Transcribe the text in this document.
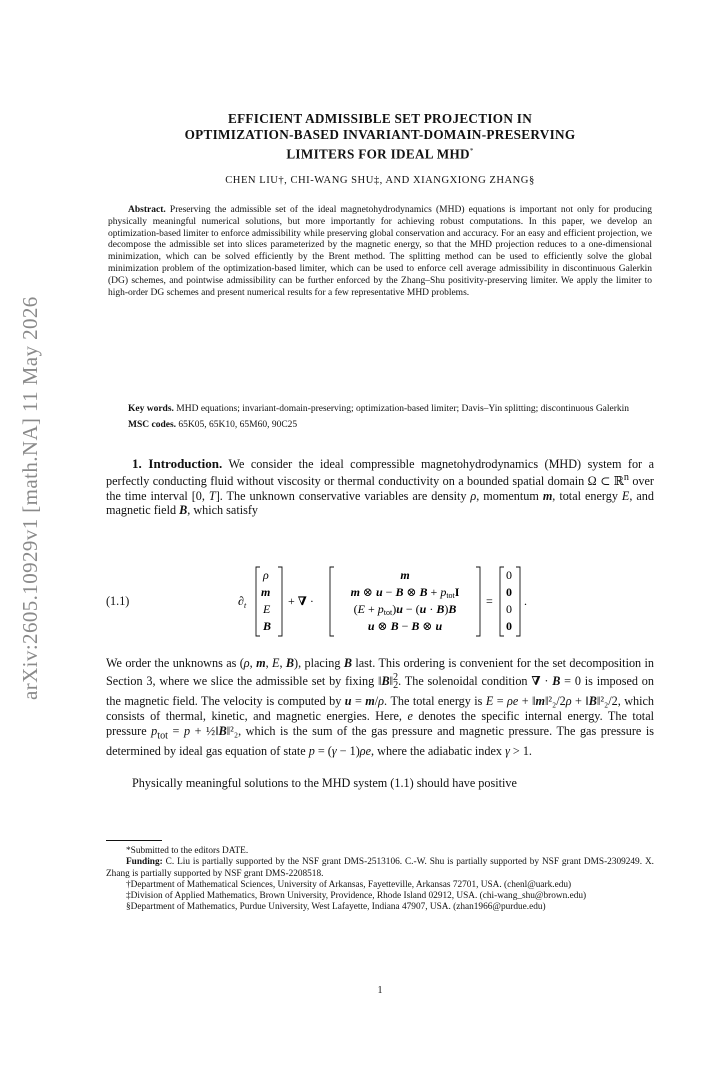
arXiv:2605.10929v1 [math.NA] 11 May 2026
EFFICIENT ADMISSIBLE SET PROJECTION IN
OPTIMIZATION-BASED INVARIANT-DOMAIN-PRESERVING
LIMITERS FOR IDEAL MHD*
CHEN LIU†, CHI-WANG SHU‡, AND XIANGXIONG ZHANG§

Abstract. Preserving the admissible set of the ideal magnetohydrodynamics (MHD) equations is important not only for producing physically meaningful numerical solutions, but more importantly for achieving robust computations. In this paper, we develop an optimization-based limiter to enforce admissibility while preserving global conservation and accuracy. For an easy and efficient projection, we decompose the admissible set into slices parameterized by the magnetic energy, so that the MHD projection reduces to a one-dimensional minimization, which can be solved efficiently by the Brent method. The splitting method can be used to efficiently solve the global minimization problem of the optimization-based limiter, which can be used to enforce cell average admissibility in discontinuous Galerkin (DG) schemes, and pointwise admissibility can be further enforced by the Zhang–Shu positivity-preserving limiter. We apply the limiter to high-order DG schemes and present numerical results for a few representative MHD problems.

Key words. MHD equations; invariant-domain-preserving; optimization-based limiter; Davis–Yin splitting; discontinuous Galerkin

MSC codes. 65K05, 65K10, 65M60, 90C25

1. Introduction. We consider the ideal compressible magnetohydrodynamics (MHD) system for a perfectly conducting fluid without viscosity or thermal conductivity on a bounded spatial domain Ω ⊂ ℝ$^n$ over the time interval [0, T]. The unknown conservative variables are density ρ, momentum m, total energy E, and magnetic field B, which satisfy

(1.1)	$\partial_t$
ρ
m
E
B
+ ∇ ·
m
m ⊗ u − B ⊗ B + ptotI
(E + ptot)u − (u · B)B
u ⊗ B − B ⊗ u
=
0
0
0
0
.

We order the unknowns as (ρ, m, E, B), placing B last. This ordering is convenient for the set decomposition in Section 3, where we slice the admissible set by fixing ‖B‖$^2_2$. The solenoidal condition ∇ · B = 0 is imposed on the magnetic field. The velocity is computed by u = m/ρ. The total energy is E = ρe + ‖m‖²₂/2ρ + ‖B‖²₂/2, which consists of thermal, kinetic, and magnetic energies. Here, e denotes the specific internal energy. The total pressure $p_{tot} = p$ + ½‖B‖²₂, which is the sum of the gas pressure and magnetic pressure. The gas pressure is determined by ideal gas equation of state p = (γ − 1)ρe, where the adiabatic index γ > 1.

Physically meaningful solutions to the MHD system (1.1) should have positive

*Submitted to the editors DATE.

Funding: C. Liu is partially supported by the NSF grant DMS-2513106. C.-W. Shu is partially supported by NSF grant DMS-2309249. X. Zhang is partially supported by NSF grant DMS-2208518.

†Department of Mathematical Sciences, University of Arkansas, Fayetteville, Arkansas 72701, USA. (chenl@uark.edu)

‡Division of Applied Mathematics, Brown University, Providence, Rhode Island 02912, USA. (chi-wang_shu@brown.edu)

§Department of Mathematics, Purdue University, West Lafayette, Indiana 47907, USA. (zhan1966@purdue.edu)

1
